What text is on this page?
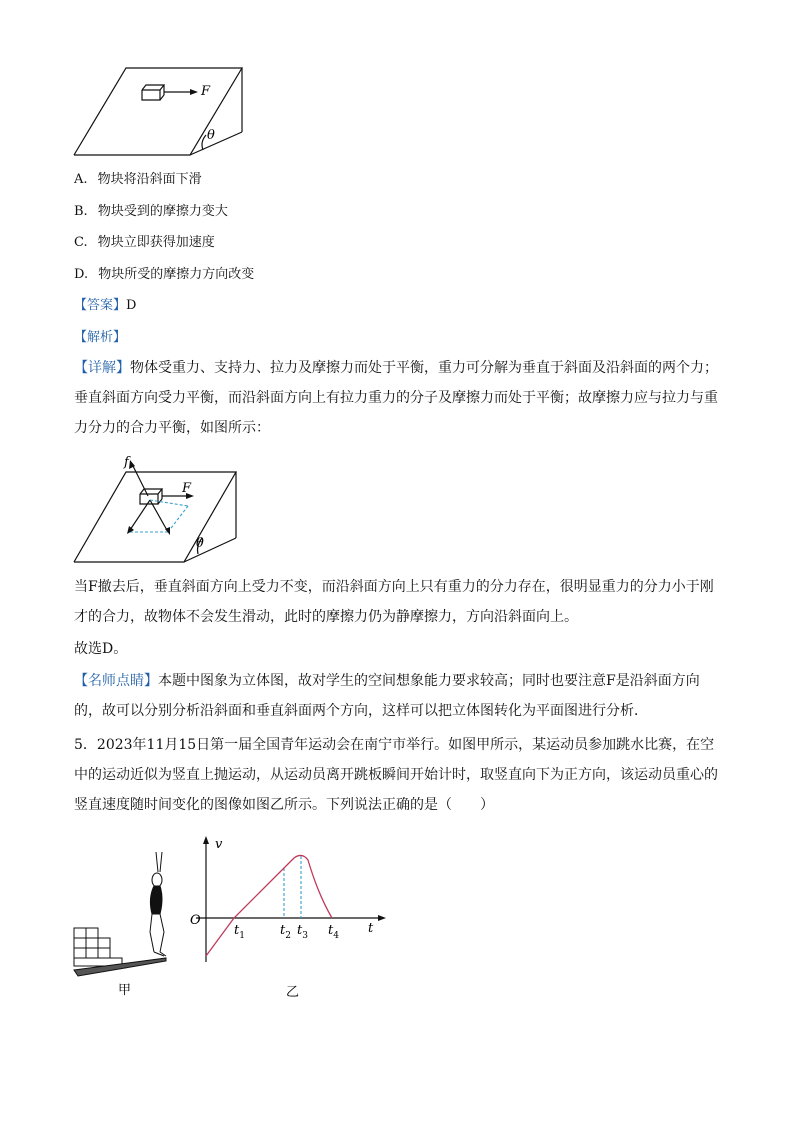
F
θ
A. 物块将沿斜面下滑
B. 物块受到的摩擦力变大
C. 物块立即获得加速度
D. 物块所受的摩擦力方向改变
【答案】D
【解析】
【详解】物体受重力、支持力、拉力及摩擦力而处于平衡，重力可分解为垂直于斜面及沿斜面的两个力；垂直斜面方向受力平衡，而沿斜面方向上有拉力重力的分子及摩擦力而处于平衡；故摩擦力应与拉力与重力分力的合力平衡，如图所示：
F
f
θ
当F撤去后，垂直斜面方向上受力不变，而沿斜面方向上只有重力的分力存在，很明显重力的分力小于刚才的合力，故物体不会发生滑动，此时的摩擦力仍为静摩擦力，方向沿斜面向上。
故选D。
【名师点睛】本题中图象为立体图，故对学生的空间想象能力要求较高；同时也要注意F是沿斜面方向的，故可以分别分析沿斜面和垂直斜面两个方向，这样可以把立体图转化为平面图进行分析．
5．2023年11月15日第一届全国青年运动会在南宁市举行。如图甲所示，某运动员参加跳水比赛，在空中的运动近似为竖直上抛运动，从运动员离开跳板瞬间开始计时，取竖直向下为正方向，该运动员重心的竖直速度随时间变化的图像如图乙所示。下列说法正确的是（　　）
甲
v
t
O
$t_1$	$t_2$ $t_3$ $t_4$
乙
